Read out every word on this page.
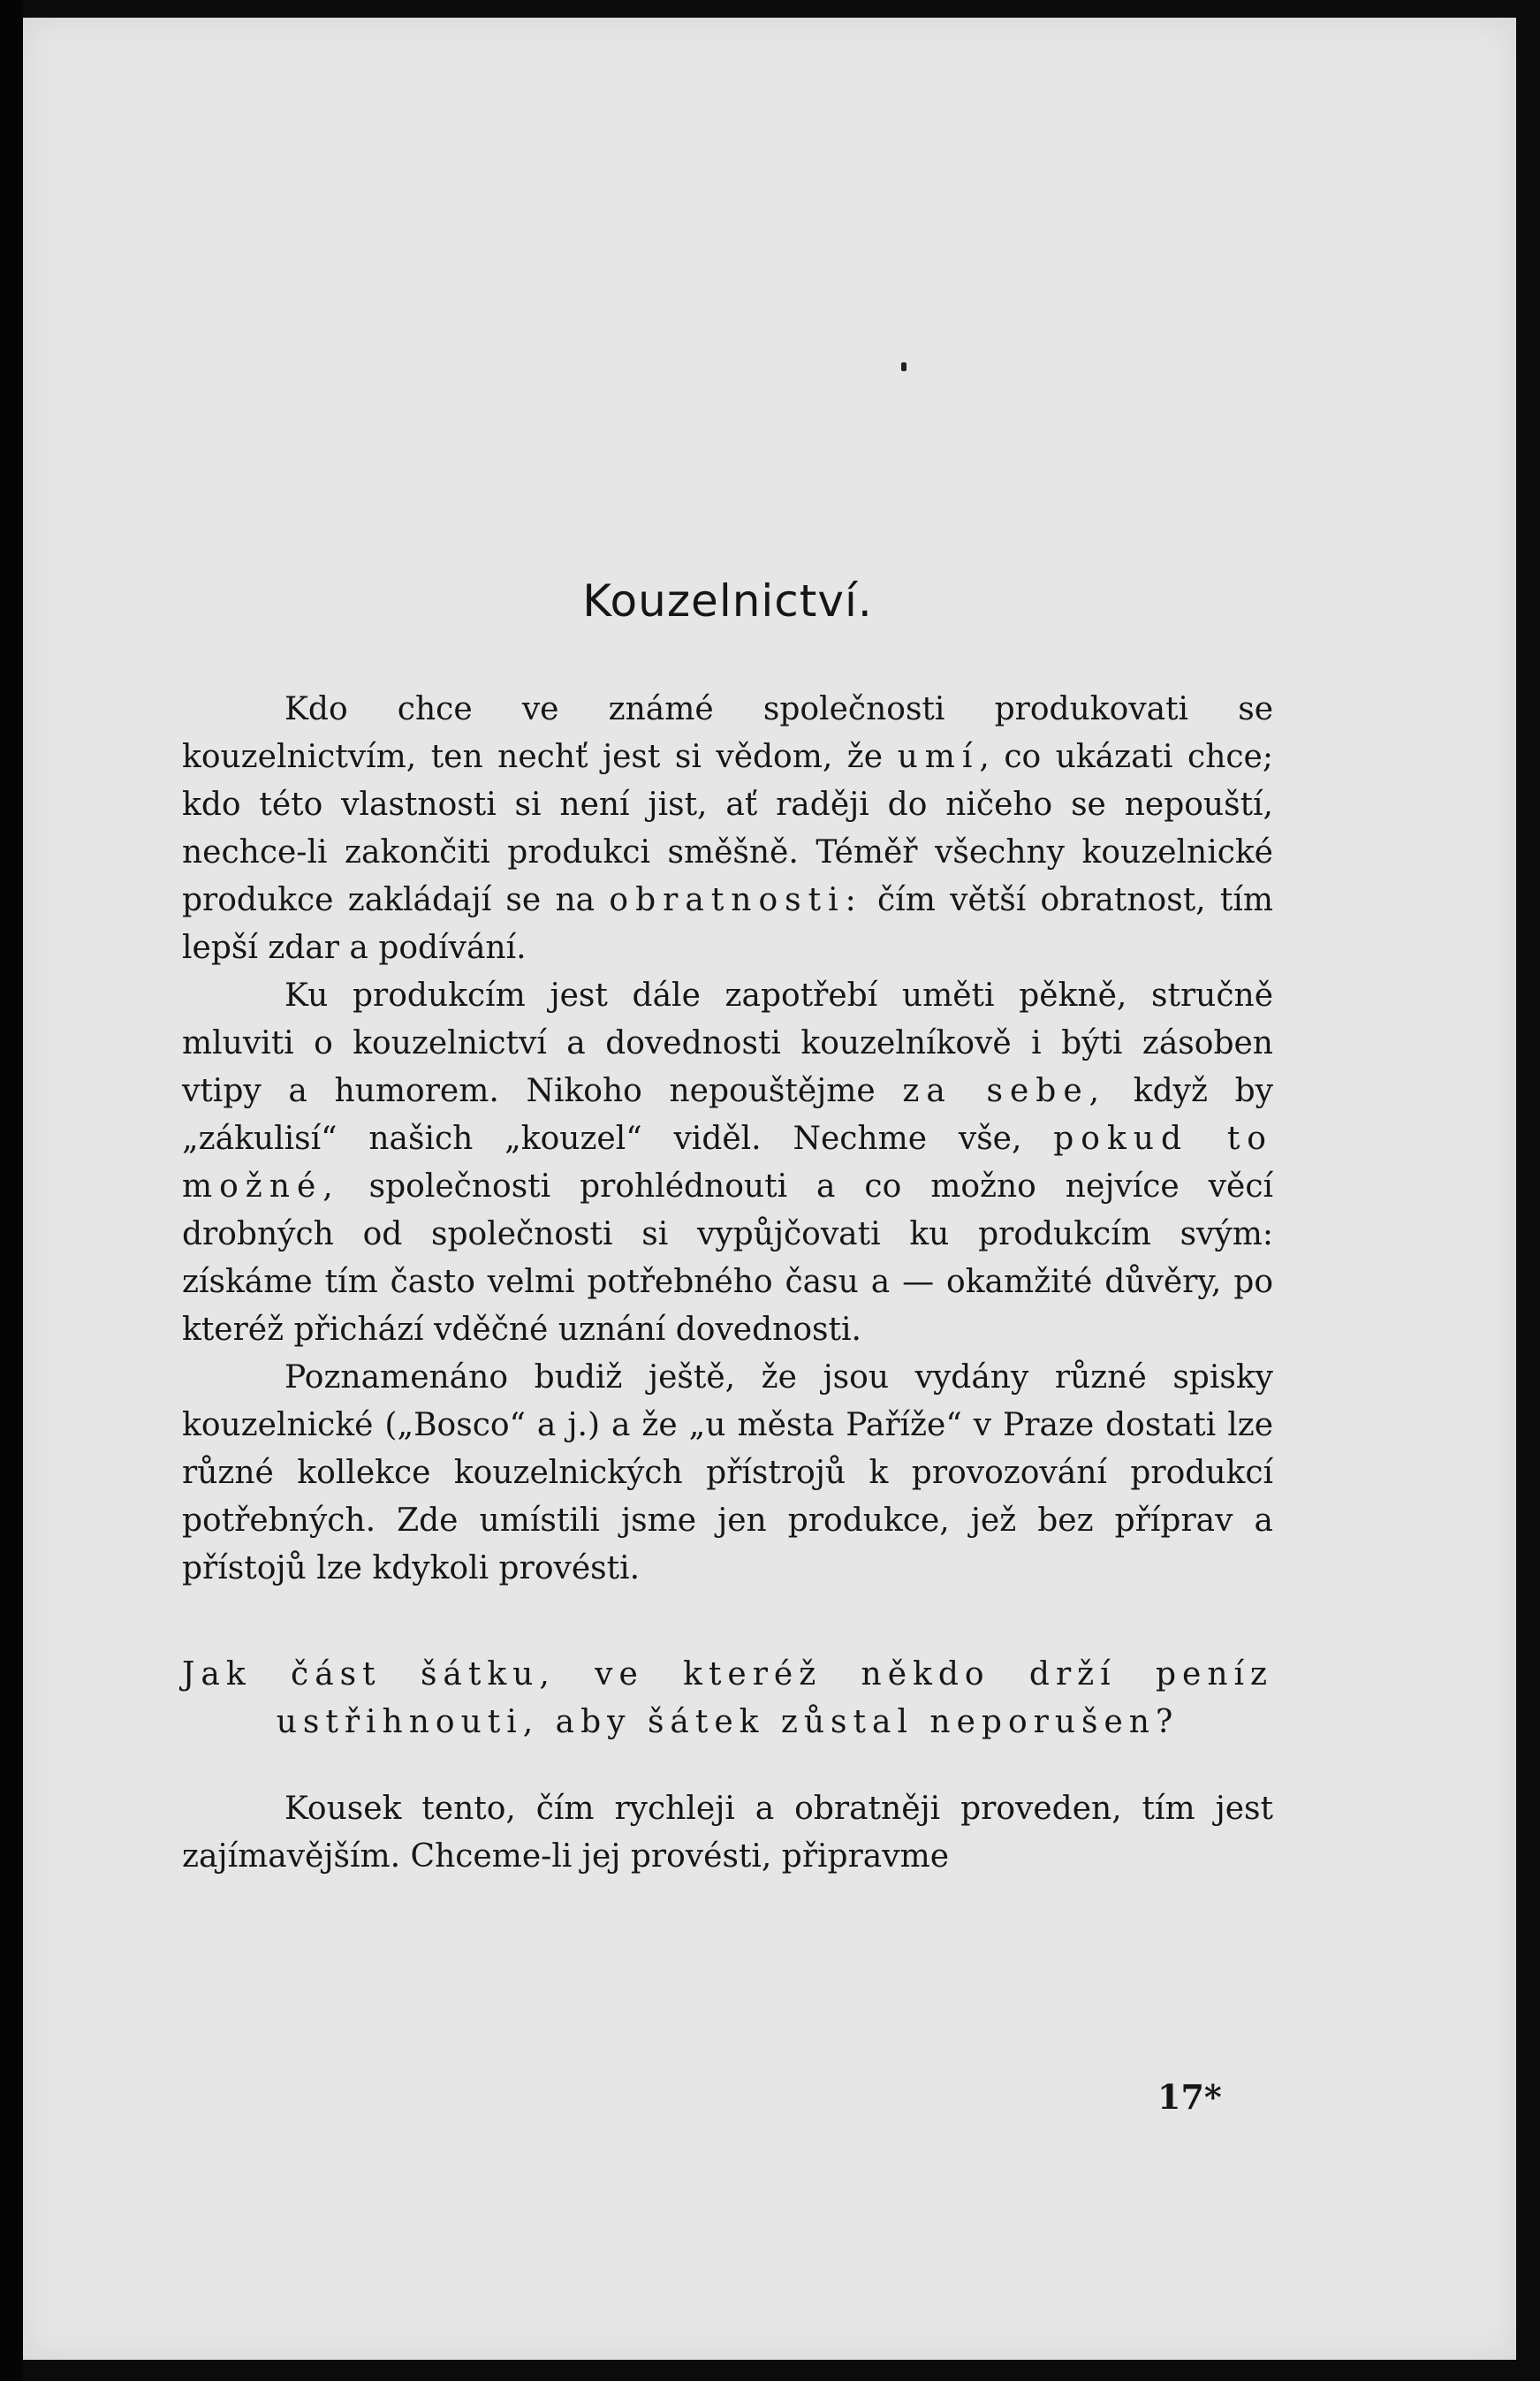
Kouzelnictví.

Kdo chce ve známé společnosti produkovati se kouzelnictvím, ten nechť jest si vědom, že umí, co ukázati chce; kdo této vlastnosti si není jist, ať raději do ničeho se nepouští, nechce-li zakončiti produkci směšně. Téměř všechny kouzelnické produkce zakládají se na obratnosti: čím větší obratnost, tím lepší zdar a podívání.

Ku produkcím jest dále zapotřebí uměti pěkně, stručně mluviti o kouzelnictví a dovednosti kouzelníkově i býti zásoben vtipy a humorem. Nikoho nepouštějme za sebe, když by „zákulisí“ našich „kouzel“ viděl. Nechme vše, pokud to možné, společnosti prohlédnouti a co možno nejvíce věcí drobných od společnosti si vypůjčovati ku produkcím svým: získáme tím často velmi potřebného času a — okamžité důvěry, po kteréž přichází vděčné uznání dovednosti.

Poznamenáno budiž ještě, že jsou vydány různé spisky kouzelnické („Bosco“ a j.) a že „u města Paříže“ v Praze dostati lze různé kollekce kouzelnických přístrojů k provozování produkcí potřebných. Zde umístili jsme jen produkce, jež bez příprav a přístojů lze kdykoli provésti.

Jak část šátku, ve kteréž někdo drží peníz
ustřihnouti, aby šátek zůstal neporušen?

Kousek tento, čím rychleji a obratněji proveden, tím jest zajímavějším. Chceme-li jej provésti, připravme

17*
